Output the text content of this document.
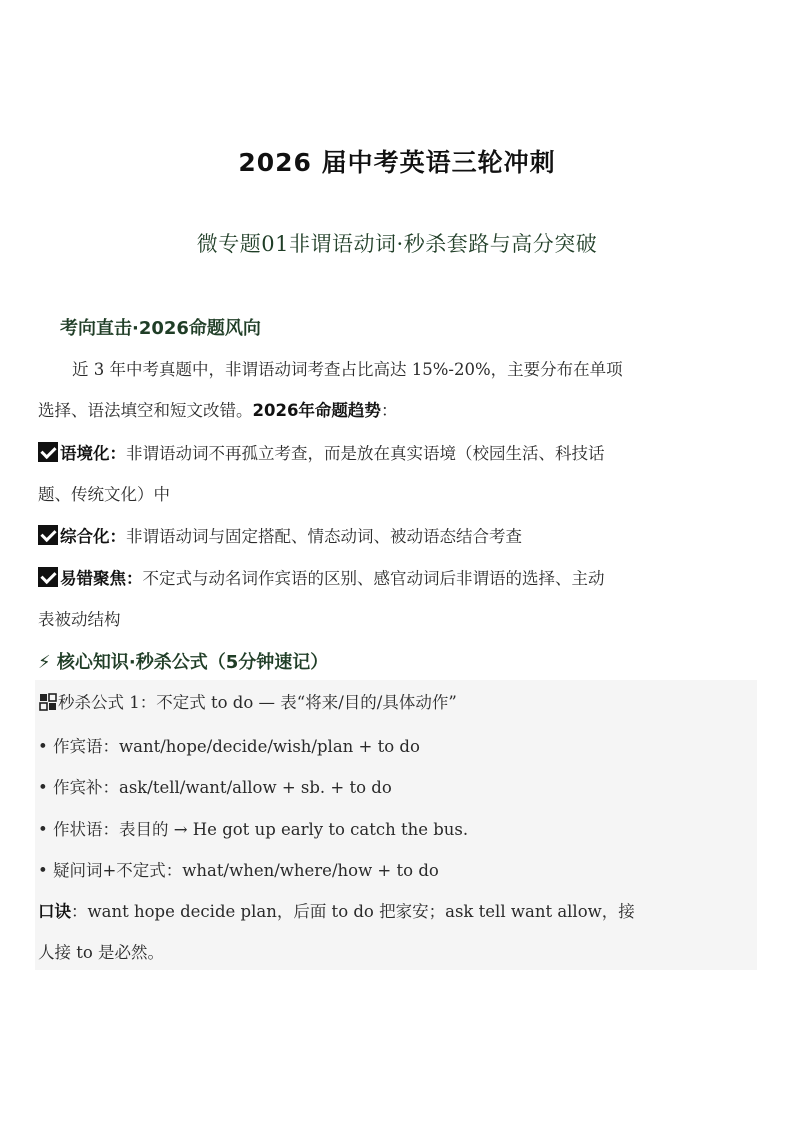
2026 届中考英语三轮冲刺
微专题01非谓语动词·秒杀套路与高分突破
考向直击·2026命题风向
近 3 年中考真题中，非谓语动词考查占比高达 15%-20%，主要分布在单项
选择、语法填空和短文改错。2026年命题趋势：
语境化：非谓语动词不再孤立考查，而是放在真实语境（校园生活、科技话
题、传统文化）中
综合化：非谓语动词与固定搭配、情态动词、被动语态结合考查
易错聚焦：不定式与动名词作宾语的区别、感官动词后非谓语的选择、主动
表被动结构
⚡ 核心知识·秒杀公式（5分钟速记）
秒杀公式 1：不定式 to do — 表“将来/目的/具体动作”
• 作宾语：want/hope/decide/wish/plan + to do
• 作宾补：ask/tell/want/allow + sb. + to do
• 作状语：表目的 → He got up early to catch the bus.
• 疑问词+不定式：what/when/where/how + to do
口诀：want hope decide plan，后面 to do 把家安；ask tell want allow，接
人接 to 是必然。
